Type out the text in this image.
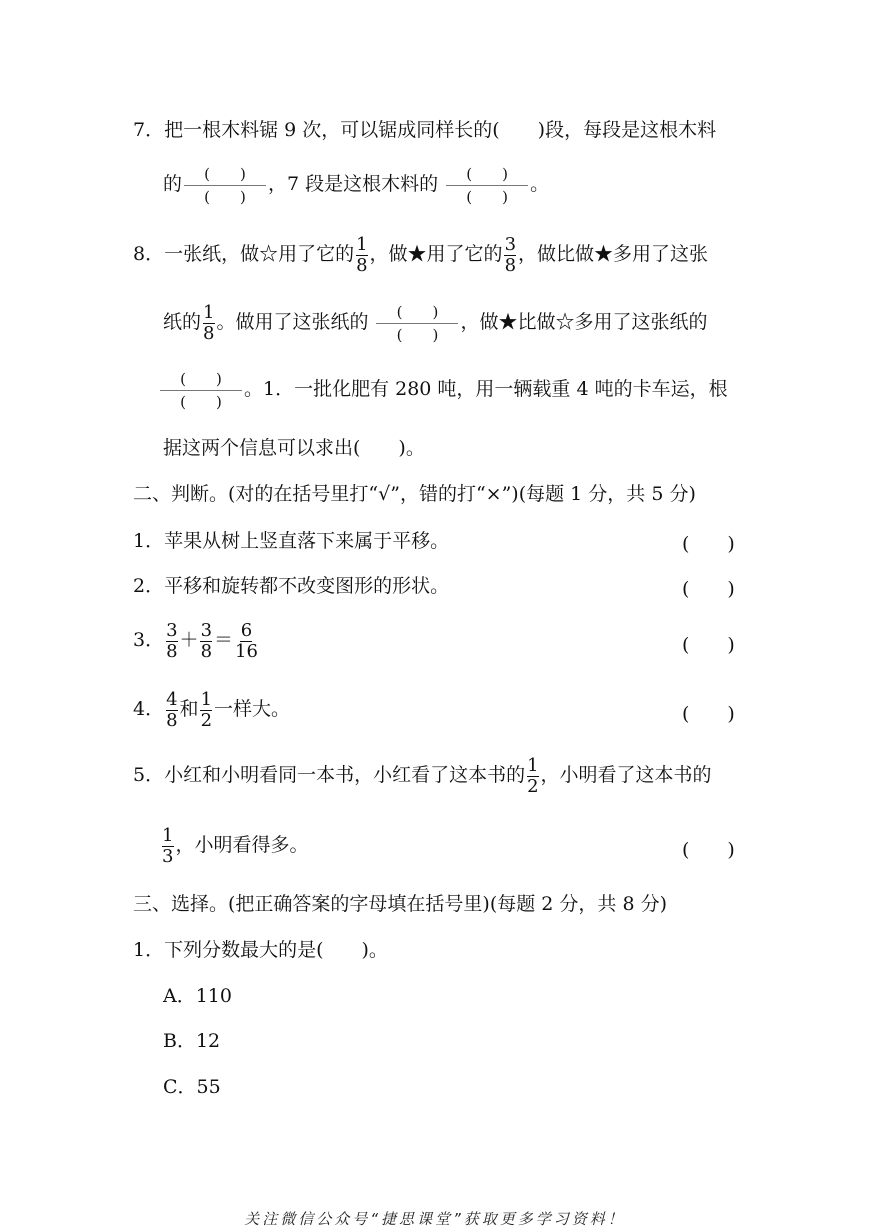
7．把一根木料锯 9 次，可以锯成同样长的(　　)段，每段是这根木料
的 $\frac{( )}{( )}$ ，7 段是这根木料的 $\frac{( )}{( )}$ 。
8．一张纸，做☆用了它的 $\frac{1}{8}$ ，做★用了它的 $\frac{3}{8}$ ，做比做★多用了这张
纸的 $\frac{1}{8}$ 。做用了这张纸的 $\frac{( )}{( )}$ ，做★比做☆多用了这张纸的
$\frac{( )}{( )}$ 。1．一批化肥有 280 吨，用一辆载重 4 吨的卡车运，根
据这两个信息可以求出(　　)。
二、判断。(对的在括号里打“√”，错的打“×”)(每题 1 分，共 5 分)
1．苹果从树上竖直落下来属于平移。	(　　)
2．平移和旋转都不改变图形的形状。	(　　)
3． $\frac{3}{8} + \frac{3}{8} = \frac{6}{16}$	(　　)
4． $\frac{4}{8}$ 和 $\frac{1}{2}$ 一样大。	(　　)
5．小红和小明看同一本书，小红看了这本书的 $\frac{1}{2}$ ，小明看了这本书的
$\frac{1}{3}$ ，小明看得多。	(　　)
三、选择。(把正确答案的字母填在括号里)(每题 2 分，共 8 分)
1．下列分数最大的是(　　)。
A．110
B．12
C．55
关注微信公众号“捷思课堂”获取更多学习资料！
